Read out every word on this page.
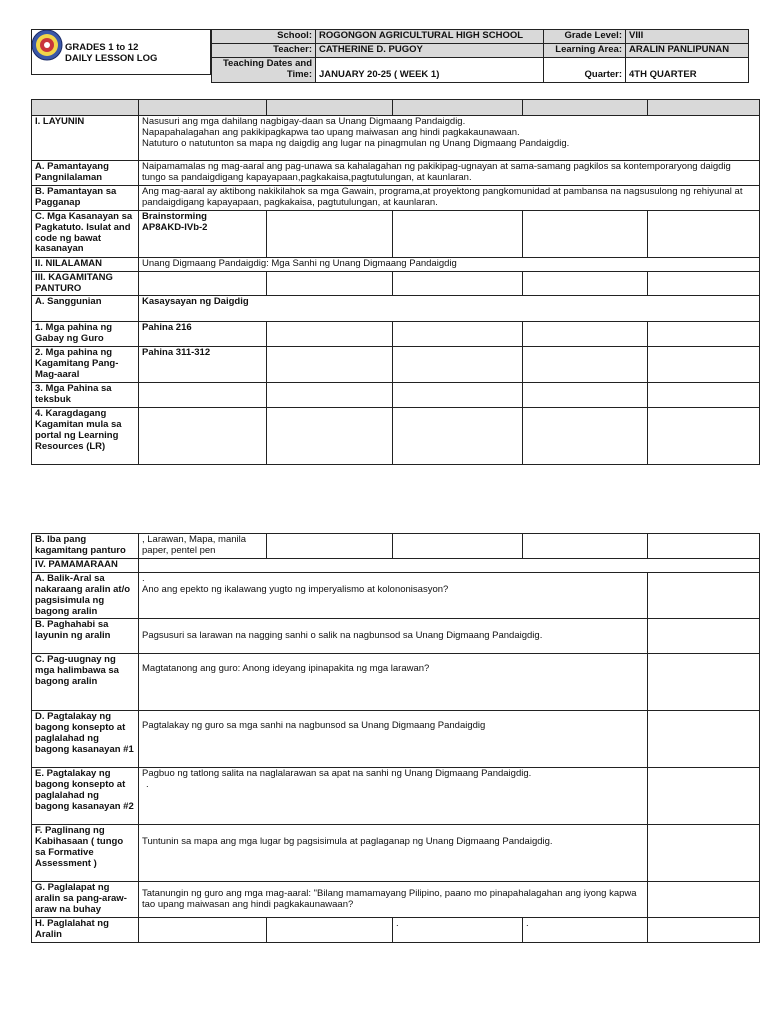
GRADES 1 to 12
DAILY LESSON LOG
School:	ROGONGON AGRICULTURAL HIGH SCHOOL	Grade Level:	VIII
Teacher:	CATHERINE D. PUGOY	Learning Area:	ARALIN PANLIPUNAN

Teaching Dates and
Time:	JANUARY 20-25 ( WEEK 1)	Quarter:	4TH QUARTER

I. LAYUNIN	Nasusuri ang mga dahilang nagbigay-daan sa Unang Digmaang Pandaigdig.
Napapahalagahan ang pakikipagkapwa tao upang maiwasan ang hindi pagkakaunawaan.
Natuturo o natutunton sa mapa ng daigdig ang lugar na pinagmulan ng Unang Digmaang Pandaigdig.				

A. Pamantayang Pangnilalaman	Naipamamalas ng mag-aaral ang pag-unawa sa kahalagahan ng pakikipag-ugnayan at sama-samang pagkilos sa kontemporaryong daigdig tungo sa pandaigdigang kapayapaan,pagkakaisa,pagtutulungan, at kaunlaran.				
B. Pamantayan sa Pagganap	Ang mag-aaral ay aktibong nakikilahok sa mga Gawain, programa,at proyektong pangkomunidad at pambansa na nagsusulong ng rehiyunal at pandaigdigang kapayapaan, pagkakaisa, pagtutulungan, at kaunlaran.				
C. Mga Kasanayan sa Pagkatuto. Isulat and code ng bawat kasanayan	Brainstorming
AP8AKD-IVb-2				

II. NILALAMAN	Unang Digmaang Pandaigdig: Mga Sanhi ng Unang Digmaang Pandaigdig				
III. KAGAMITANG PANTURO					
A. Sanggunian	Kasaysayan ng Daigdig				
1. Mga pahina ng Gabay ng Guro	Pahina 216				
2. Mga pahina ng Kagamitang Pang-Mag-aaral	Pahina 311-312				
3. Mga Pahina sa teksbuk					
4. Karagdagang Kagamitan mula sa portal ng Learning Resources (LR)					
B. Iba pang kagamitang panturo	, Larawan, Mapa, manila paper, pentel pen				
IV. PAMAMARAAN					
A. Balik-Aral sa nakaraang aralin at/o pagsisimula ng bagong aralin	.
Ano ang epekto ng ikalawang yugto ng imperyalismo at kolononisasyon?				

B. Paghahabi sa layunin ng aralin	Pagsusuri sa larawan na nagging sanhi o salik na nagbunsod sa Unang Digmaang Pandaigdig.				
C. Pag-uugnay ng mga halimbawa sa bagong aralin	Magtatanong ang guro: Anong ideyang ipinapakita ng mga larawan?				
D. Pagtalakay ng bagong konsepto at paglalahad ng bagong kasanayan #1	Pagtalakay ng guro sa mga sanhi na nagbunsod sa Unang Digmaang Pandaigdig				
E. Pagtalakay ng bagong konsepto at paglalahad ng bagong kasanayan #2	Pagbuo ng tatlong salita na naglalarawan sa apat na sanhi ng Unang Digmaang Pandaigdig.
.				

F. Paglinang ng Kabihasaan ( tungo sa Formative Assessment )	Tuntunin sa mapa ang mga lugar bg pagsisimula at paglaganap ng Unang Digmaang Pandaigdig.				
G. Paglalapat ng aralin sa pang-araw-araw na buhay	Tatanungin ng guro ang mga mag-aaral: "Bilang mamamayang Pilipino, paano mo pinapahalagahan ang iyong kapwa tao upang maiwasan ang hindi pagkakaunawaan?				
H. Paglalahat ng Aralin			.	.	
